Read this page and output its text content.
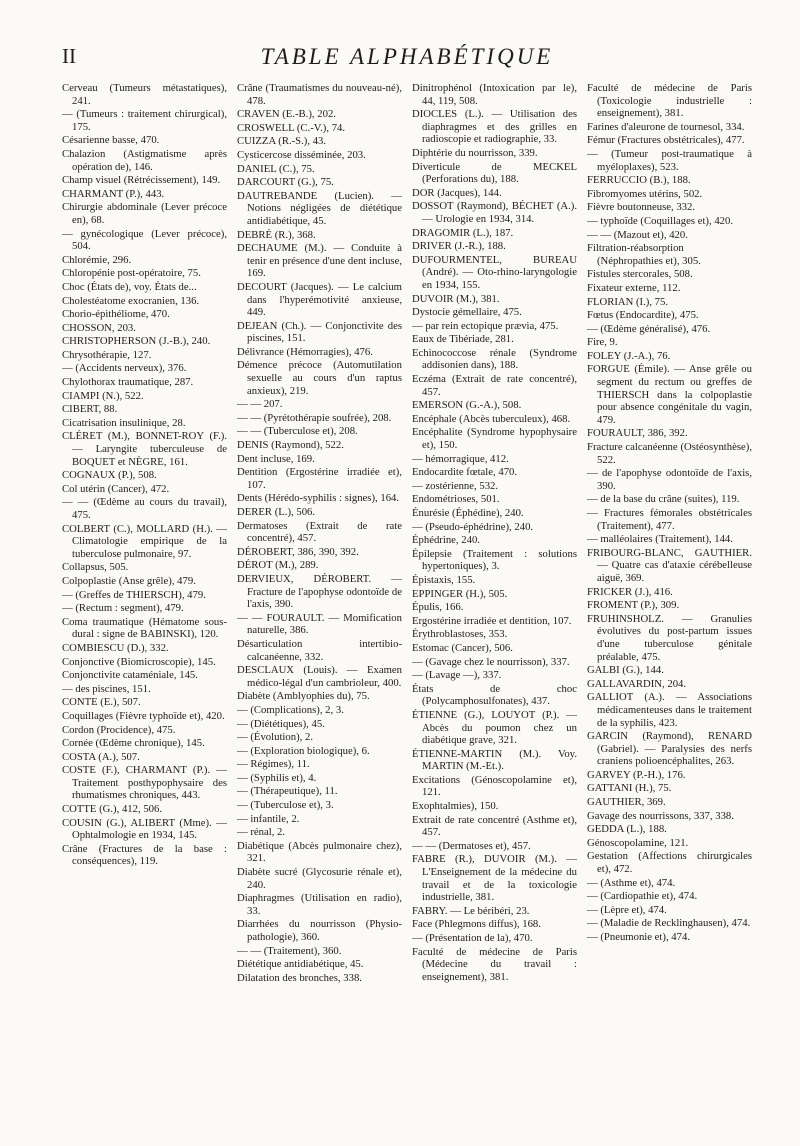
II	TABLE ALPHABÉTIQUE

Cerveau (Tumeurs métastatiques), 241.

— (Tumeurs : traitement chirurgical), 175.

Césarienne basse, 470.

Chalazion (Astigmatisme après opération de), 146.

Champ visuel (Rétrécissement), 149.

CHARMANT (P.), 443.

Chirurgie abdominale (Lever précoce en), 68.

— gynécologique (Lever précoce), 504.

Chlorémie, 296.

Chloropénie post-opératoire, 75.

Choc (États de), voy. États de...

Cholestéatome exocranien, 136.

Chorio-épithéliome, 470.

CHOSSON, 203.

CHRISTOPHERSON (J.-B.), 240.

Chrysothérapie, 127.

— (Accidents nerveux), 376.

Chylothorax traumatique, 287.

CIAMPI (N.), 522.

CIBERT, 88.

Cicatrisation insulinique, 28.

CLÉRET (M.), BONNET-ROY (F.). — Laryngite tuberculeuse de BOQUET et NÈGRE, 161.

COGNAUX (P.), 508.

Col utérin (Cancer), 472.

— — (Œdème au cours du travail), 475.

COLBERT (C.), MOLLARD (H.). — Climatologie empirique de la tuberculose pulmonaire, 97.

Collapsus, 505.

Colpoplastie (Anse grêle), 479.

— (Greffes de THIERSCH), 479.

— (Rectum : segment), 479.

Coma traumatique (Hématome sous-dural : signe de BABINSKI), 120.

COMBIESCU (D.), 332.

Conjonctive (Biomicroscopie), 145.

Conjonctivite cataméniale, 145.

— des piscines, 151.

CONTE (E.), 507.

Coquillages (Fièvre typhoïde et), 420.

Cordon (Procidence), 475.

Cornée (Œdème chronique), 145.

COSTA (A.), 507.

COSTE (F.), CHARMANT (P.). — Traitement posthypophysaire des rhumatismes chroniques, 443.

COTTE (G.), 412, 506.

COUSIN (G.), ALIBERT (Mme). — Ophtalmologie en 1934, 145.

Crâne (Fractures de la base : conséquences), 119.

Crâne (Traumatismes du nouveau-né), 478.

CRAVEN (E.-B.), 202.

CROSWELL (C.-V.), 74.

CUIZZA (R.-S.), 43.

Cysticercose disséminée, 203.

DANIEL (C.), 75.

DARCOURT (G.), 75.

DAUTREBANDE (Lucien). — Notions négligées de diététique antidiabétique, 45.

DEBRÉ (R.), 368.

DECHAUME (M.). — Conduite à tenir en présence d'une dent incluse, 169.

DECOURT (Jacques). — Le calcium dans l'hyperémotivité anxieuse, 449.

DEJEAN (Ch.). — Conjonctivite des piscines, 151.

Délivrance (Hémorragies), 476.

Démence précoce (Automutilation sexuelle au cours d'un raptus anxieux), 219.

— — 207.

— — (Pyrétothérapie soufrée), 208.

— — (Tuberculose et), 208.

DENIS (Raymond), 522.

Dent incluse, 169.

Dentition (Ergostérine irradiée et), 107.

Dents (Hérédo-syphilis : signes), 164.

DERER (L.), 506.

Dermatoses (Extrait de rate concentré), 457.

DÉROBERT, 386, 390, 392.

DÉROT (M.), 289.

DERVIEUX, DÉROBERT. — Fracture de l'apophyse odontoïde de l'axis, 390.

— — FOURAULT. — Momification naturelle, 386.

Désarticulation intertibio-calcanéenne, 332.

DESCLAUX (Louis). — Examen médico-légal d'un cambrioleur, 400.

Diabète (Amblyophies du), 75.

— (Complications), 2, 3.

— (Diététiques), 45.

— (Évolution), 2.

— (Exploration biologique), 6.

— Régimes), 11.

— (Syphilis et), 4.

— (Thérapeutique), 11.

— (Tuberculose et), 3.

— infantile, 2.

— rénal, 2.

Diabétique (Abcès pulmonaire chez), 321.

Diabète sucré (Glycosurie rénale et), 240.

Diaphragmes (Utilisation en radio), 33.

Diarrhées du nourrisson (Physio-pathologie), 360.

— — (Traitement), 360.

Diététique antidiabétique, 45.

Dilatation des bronches, 338.

Dinitrophénol (Intoxication par le), 44, 119, 508.

DIOCLES (L.). — Utilisation des diaphragmes et des grilles en radioscopie et radiographie, 33.

Diphtérie du nourrisson, 339.

Diverticule de MECKEL (Perforations du), 188.

DOR (Jacques), 144.

DOSSOT (Raymond), BÉCHET (A.). — Urologie en 1934, 314.

DRAGOMIR (L.), 187.

DRIVER (J.-R.), 188.

DUFOURMENTEL, BUREAU (André). — Oto-rhino-laryngologie en 1934, 155.

DUVOIR (M.), 381.

Dystocie gémellaire, 475.

— par rein ectopique prævia, 475.

Eaux de Tibériade, 281.

Echinococcose rénale (Syndrome addisonien dans), 188.

Eczéma (Extrait de rate concentré), 457.

EMERSON (G.-A.), 508.

Encéphale (Abcès tuberculeux), 468.

Encéphalite (Syndrome hypophysaire et), 150.

— hémorragique, 412.

Endocardite fœtale, 470.

— zostérienne, 532.

Endométrioses, 501.

Énurésie (Éphédine), 240.

— (Pseudo-éphédrine), 240.

Éphédrine, 240.

Épilepsie (Traitement : solutions hypertoniques), 3.

Épistaxis, 155.

EPPINGER (H.), 505.

Épulis, 166.

Ergostérine irradiée et dentition, 107.

Érythroblastoses, 353.

Estomac (Cancer), 506.

— (Gavage chez le nourrisson), 337.

— (Lavage —), 337.

États de choc (Polycamphosulfonates), 437.

ÉTIENNE (G.), LOUYOT (P.). — Abcès du poumon chez un diabétique grave, 321.

ÉTIENNE-MARTIN (M.). Voy. MARTIN (M.-Et.).

Excitations (Génoscopolamine et), 121.

Exophtalmies), 150.

Extrait de rate concentré (Asthme et), 457.

— — (Dermatoses et), 457.

FABRE (R.), DUVOIR (M.). — L'Enseignement de la médecine du travail et de la toxicologie industrielle, 381.

FABRY. — Le béribéri, 23.

Face (Phlegmons diffus), 168.

— (Présentation de la), 470.

Faculté de médecine de Paris (Médecine du travail : enseignement), 381.

Faculté de médecine de Paris (Toxicologie industrielle : enseignement), 381.

Farines d'aleurone de tournesol, 334.

Fémur (Fractures obstétricales), 477.

— (Tumeur post-traumatique à myéloplaxes), 523.

FERRUCCIO (B.), 188.

Fibromyomes utérins, 502.

Fièvre boutonneuse, 332.

— typhoïde (Coquillages et), 420.

— — (Mazout et), 420.

Filtration-réabsorption (Néphropathies et), 305.

Fistules stercorales, 508.

Fixateur externe, 112.

FLORIAN (I.), 75.

Fœtus (Endocardite), 475.

— (Œdème généralisé), 476.

Fire, 9.

FOLEY (J.-A.), 76.

FORGUE (Émile). — Anse grêle ou segment du rectum ou greffes de THIERSCH dans la colpoplastie pour absence congénitale du vagin, 479.

FOURAULT, 386, 392.

Fracture calcanéenne (Ostéosynthèse), 522.

— de l'apophyse odontoïde de l'axis, 390.

— de la base du crâne (suites), 119.

— Fractures fémorales obstétricales (Traitement), 477.

— malléolaires (Traitement), 144.

FRIBOURG-BLANC, GAUTHIER. — Quatre cas d'ataxie cérébelleuse aiguë, 369.

FRICKER (J.), 416.

FROMENT (P.), 309.

FRUHINSHOLZ. — Granulies évolutives du post-partum issues d'une tuberculose génitale préalable, 475.

GALBI (G.), 144.

GALLAVARDIN, 204.

GALLIOT (A.). — Associations médicamenteuses dans le traitement de la syphilis, 423.

GARCIN (Raymond), RENARD (Gabriel). — Paralysies des nerfs craniens polioencéphalites, 263.

GARVEY (P.-H.), 176.

GATTANI (H.), 75.

GAUTHIER, 369.

Gavage des nourrissons, 337, 338.

GEDDA (L.), 188.

Génoscopolamine, 121.

Gestation (Affections chirurgicales et), 472.

— (Asthme et), 474.

— (Cardiopathie et), 474.

— (Lèpre et), 474.

— (Maladie de Recklinghausen), 474.

— (Pneumonie et), 474.
